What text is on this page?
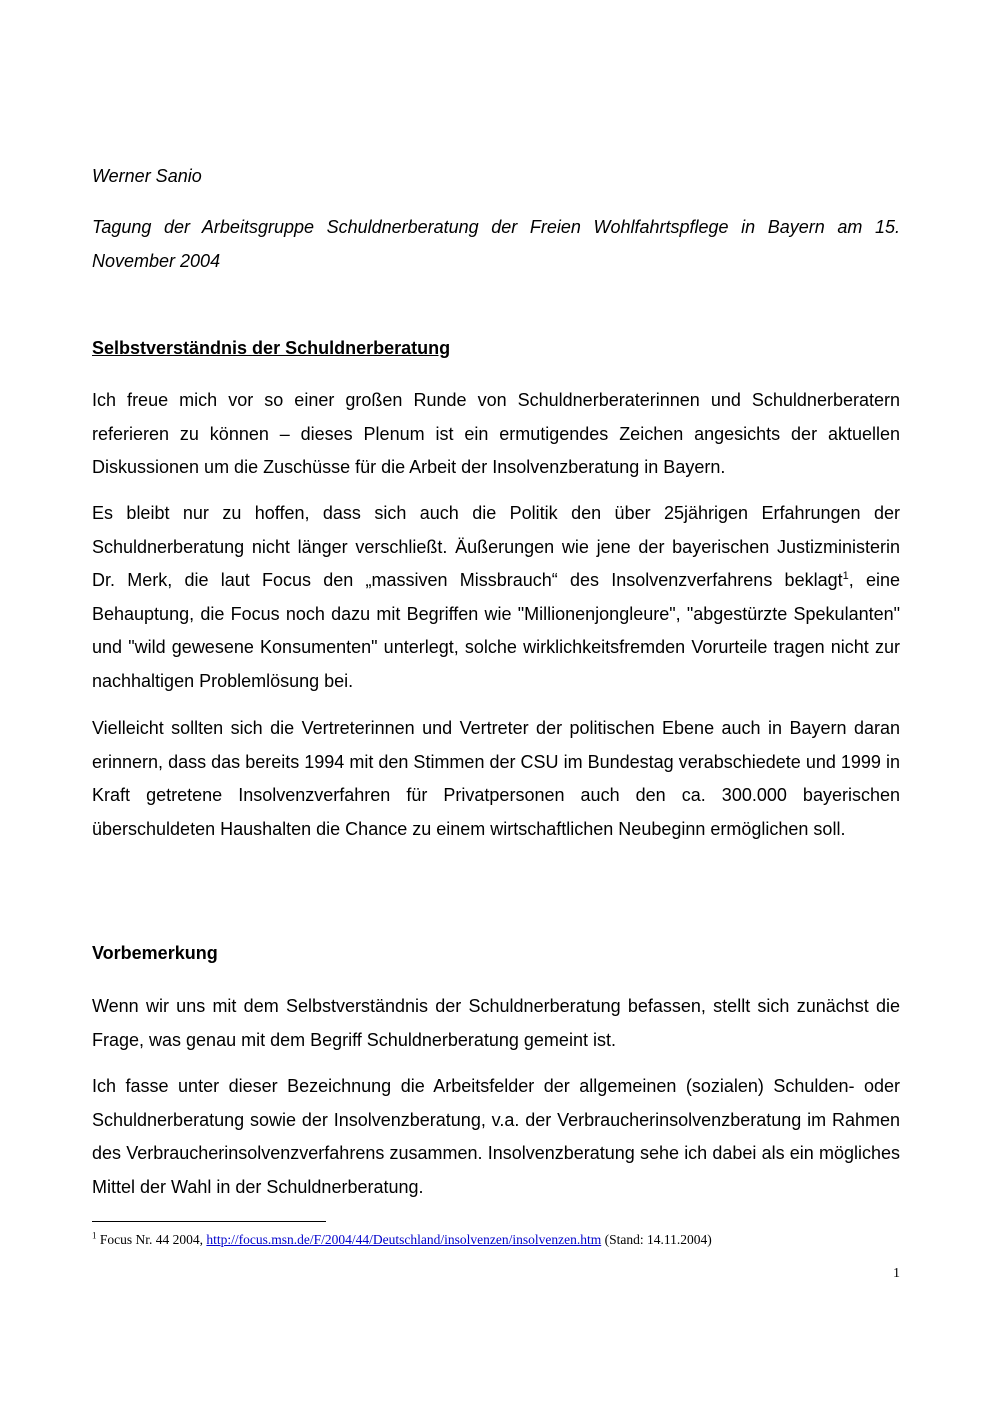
Werner Sanio
Tagung der Arbeitsgruppe Schuldnerberatung der Freien Wohlfahrtspflege in Bayern am 15. November 2004
Selbstverständnis der Schuldnerberatung

Ich freue mich vor so einer großen Runde von Schuldnerberaterinnen und Schuldnerberatern referieren zu können – dieses Plenum ist ein ermutigendes Zeichen angesichts der aktuellen Diskussionen um die Zuschüsse für die Arbeit der Insolvenzberatung in Bayern.

Es bleibt nur zu hoffen, dass sich auch die Politik den über 25jährigen Erfahrungen der Schuldnerberatung nicht länger verschließt. Äußerungen wie jene der bayerischen Justizministerin Dr. Merk, die laut Focus den „massiven Missbrauch“ des Insolvenzverfahrens beklagt$^1$, eine Behauptung, die Focus noch dazu mit Begriffen wie "Millionenjongleure", "abgestürzte Spekulanten" und "wild gewesene Konsumenten" unterlegt, solche wirklichkeitsfremden Vorurteile tragen nicht zur nachhaltigen Problemlösung bei.

Vielleicht sollten sich die Vertreterinnen und Vertreter der politischen Ebene auch in Bayern daran erinnern, dass das bereits 1994 mit den Stimmen der CSU im Bundestag verabschiedete und 1999 in Kraft getretene Insolvenzverfahren für Privatpersonen auch den ca. 300.000 bayerischen überschuldeten Haushalten die Chance zu einem wirtschaftlichen Neubeginn ermöglichen soll.

Vorbemerkung

Wenn wir uns mit dem Selbstverständnis der Schuldnerberatung befassen, stellt sich zunächst die Frage, was genau mit dem Begriff Schuldnerberatung gemeint ist.

Ich fasse unter dieser Bezeichnung die Arbeitsfelder der allgemeinen (sozialen) Schulden- oder Schuldnerberatung sowie der Insolvenzberatung, v.a. der Verbraucherinsolvenzberatung im Rahmen des Verbraucherinsolvenzverfahrens zusammen. Insolvenzberatung sehe ich dabei als ein mögliches Mittel der Wahl in der Schuldnerberatung.

$^1$ Focus Nr. 44 2004, http://focus.msn.de/F/2004/44/Deutschland/insolvenzen/insolvenzen.htm (Stand: 14.11.2004)
1
